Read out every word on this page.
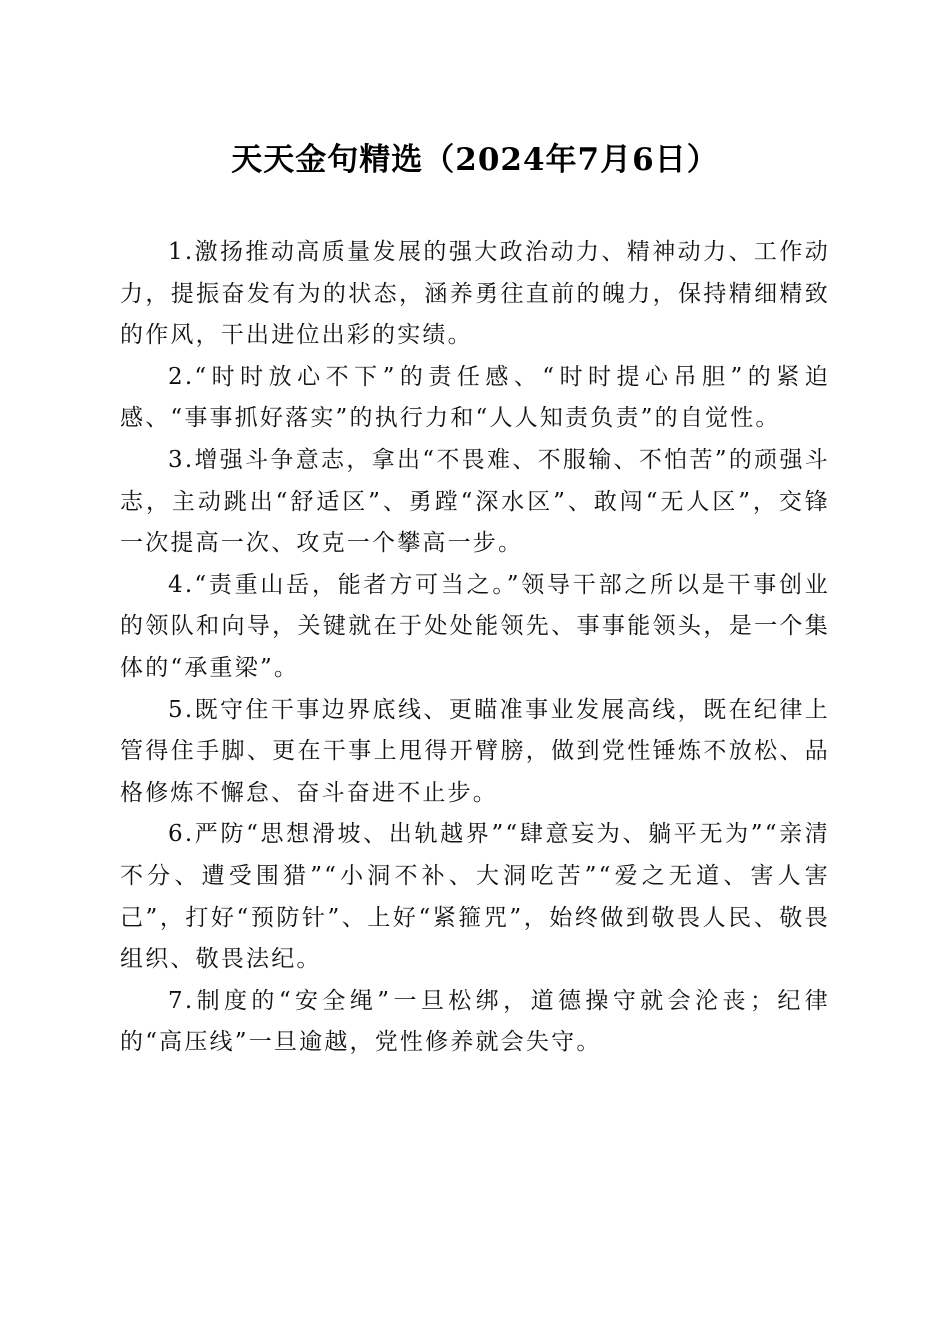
天天金句精选（2024年7月6日）

1.激扬推动高质量发展的强大政治动力、精神动力、工作动力，提振奋发有为的状态，涵养勇往直前的魄力，保持精细精致的作风，干出进位出彩的实绩。

2.“时时放心不下”的责任感、“时时提心吊胆”的紧迫感、“事事抓好落实”的执行力和“人人知责负责”的自觉性。

3.增强斗争意志，拿出“不畏难、不服输、不怕苦”的顽强斗志，主动跳出“舒适区”、勇蹚“深水区”、敢闯“无人区”，交锋一次提高一次、攻克一个攀高一步。

4.“责重山岳，能者方可当之。”领导干部之所以是干事创业的领队和向导，关键就在于处处能领先、事事能领头，是一个集体的“承重梁”。

5.既守住干事边界底线、更瞄准事业发展高线，既在纪律上管得住手脚、更在干事上甩得开臂膀，做到党性锤炼不放松、品格修炼不懈怠、奋斗奋进不止步。

6.严防“思想滑坡、出轨越界”“肆意妄为、躺平无为”“亲清不分、遭受围猎”“小洞不补、大洞吃苦”“爱之无道、害人害己”，打好“预防针”、上好“紧箍咒”，始终做到敬畏人民、敬畏组织、敬畏法纪。

7.制度的“安全绳”一旦松绑，道德操守就会沦丧；纪律的“高压线”一旦逾越，党性修养就会失守。
